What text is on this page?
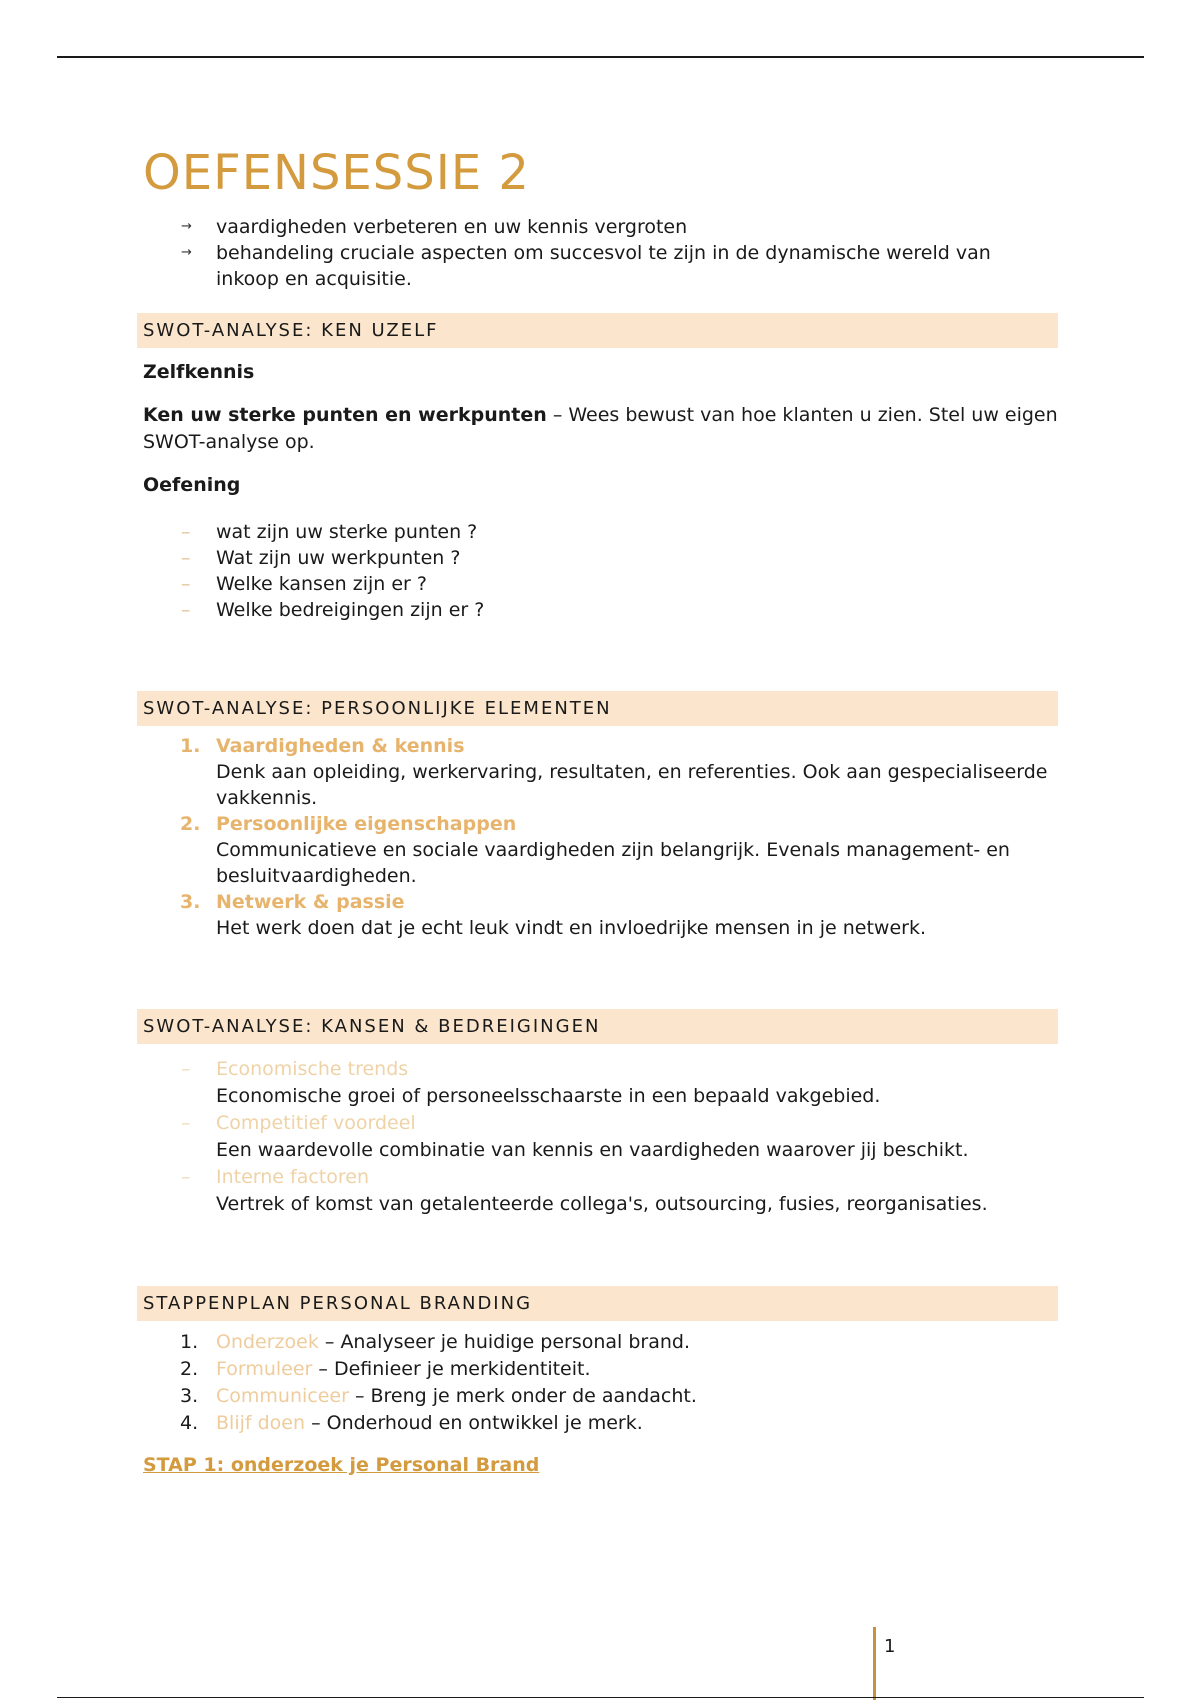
OEFENSESSIE 2
→ vaardigheden verbeteren en uw kennis vergroten
→ behandeling cruciale aspecten om succesvol te zijn in de dynamische wereld van inkoop en acquisitie.
SWOT-ANALYSE: KEN UZELF

Zelfkennis

Ken uw sterke punten en werkpunten – Wees bewust van hoe klanten u zien. Stel uw eigen SWOT-analyse op.

Oefening

– wat zijn uw sterke punten ?
– Wat zijn uw werkpunten ?
– Welke kansen zijn er ?
– Welke bedreigingen zijn er ?
SWOT-ANALYSE: PERSOONLIJKE ELEMENTEN
1. Vaardigheden & kennis
Denk aan opleiding, werkervaring, resultaten, en referenties. Ook aan gespecialiseerde vakkennis.
2. Persoonlijke eigenschappen
Communicatieve en sociale vaardigheden zijn belangrijk. Evenals management- en besluitvaardigheden.
3. Netwerk & passie
Het werk doen dat je echt leuk vindt en invloedrijke mensen in je netwerk.
SWOT-ANALYSE: KANSEN & BEDREIGINGEN
– Economische trends
Economische groei of personeelsschaarste in een bepaald vakgebied.
– Competitief voordeel
Een waardevolle combinatie van kennis en vaardigheden waarover jij beschikt.
– Interne factoren
Vertrek of komst van getalenteerde collega's, outsourcing, fusies, reorganisaties.
STAPPENPLAN PERSONAL BRANDING
1. Onderzoek – Analyseer je huidige personal brand.
2. Formuleer – Definieer je merkidentiteit.
3. Communiceer – Breng je merk onder de aandacht.
4. Blijf doen – Onderhoud en ontwikkel je merk.

STAP 1: onderzoek je Personal Brand

1
